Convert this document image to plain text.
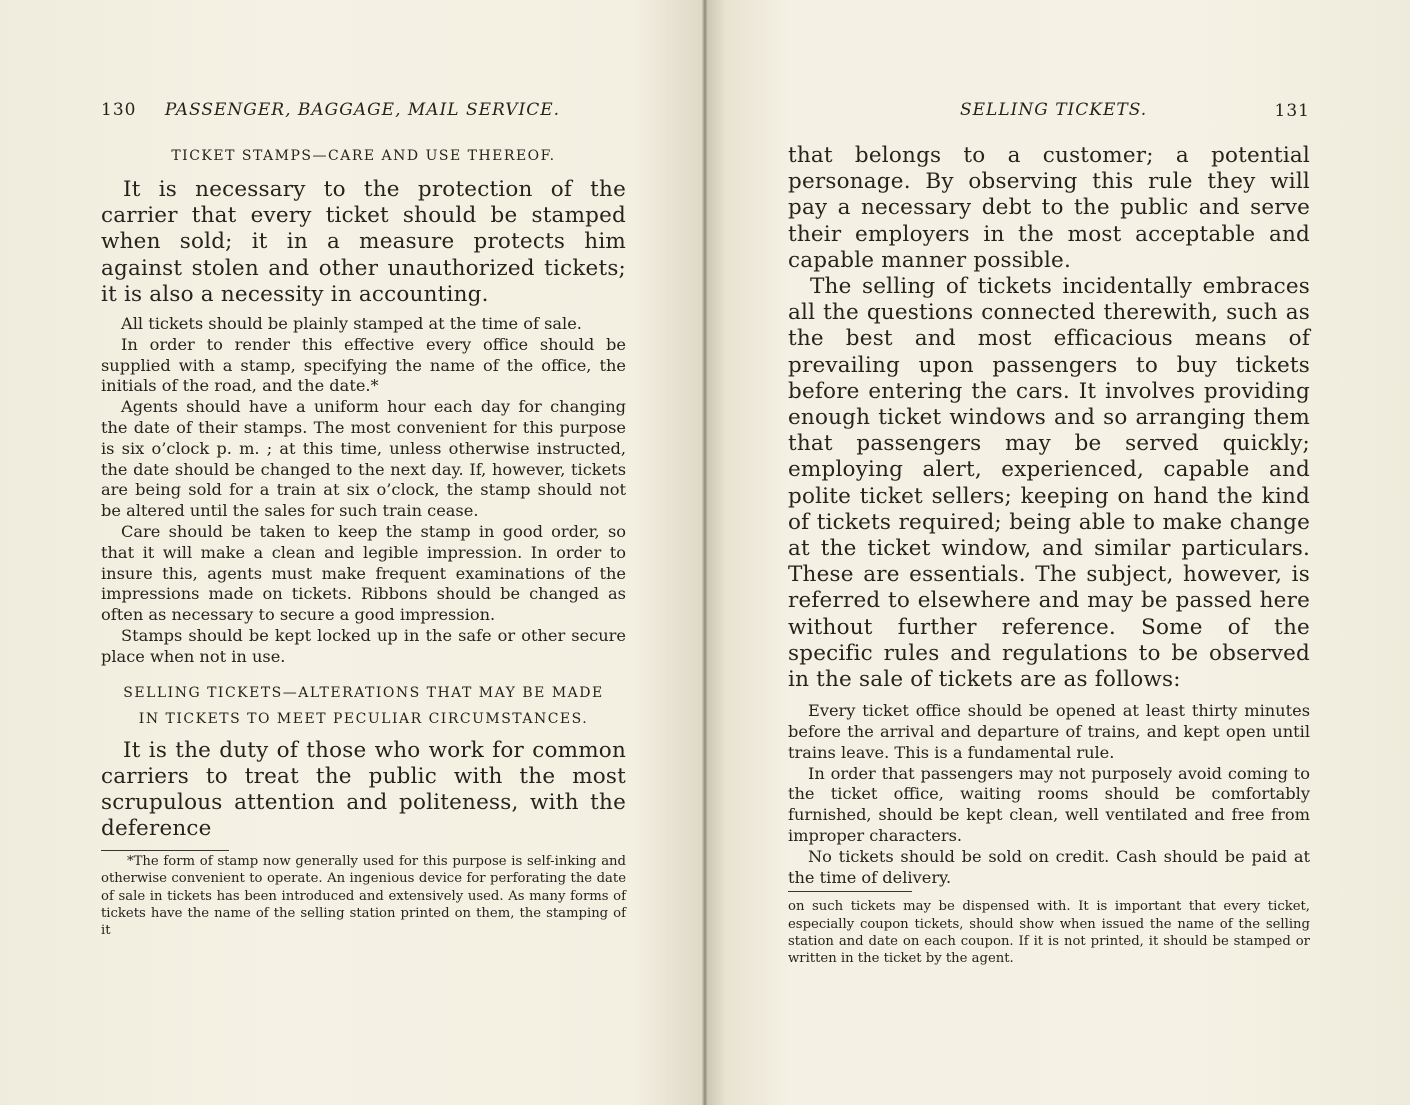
130 PASSENGER, BAGGAGE, MAIL SERVICE.

TICKET STAMPS—CARE AND USE THEREOF.

It is necessary to the protection of the carrier that every ticket should be stamped when sold; it in a measure protects him against stolen and other unauthorized tickets; it is also a necessity in accounting.

All tickets should be plainly stamped at the time of sale.

In order to render this effective every office should be supplied with a stamp, specifying the name of the office, the initials of the road, and the date.*

Agents should have a uniform hour each day for changing the date of their stamps. The most convenient for this purpose is six o’clock p. m. ; at this time, unless otherwise instructed, the date should be changed to the next day. If, however, tickets are being sold for a train at six o’clock, the stamp should not be altered until the sales for such train cease.

Care should be taken to keep the stamp in good order, so that it will make a clean and legible impression. In order to insure this, agents must make frequent examinations of the impressions made on tickets. Ribbons should be changed as often as necessary to secure a good impression.

Stamps should be kept locked up in the safe or other secure place when not in use.

SELLING TICKETS—ALTERATIONS THAT MAY BE MADE

IN TICKETS TO MEET PECULIAR CIRCUMSTANCES.

It is the duty of those who work for common carriers to treat the public with the most scrupulous attention and politeness, with the deference

*The form of stamp now generally used for this purpose is self-inking and otherwise convenient to operate. An ingenious device for perforating the date of sale in tickets has been introduced and extensively used. As many forms of tickets have the name of the selling station printed on them, the stamping of it

SELLING TICKETS.	131

that belongs to a customer; a potential personage. By observing this rule they will pay a necessary debt to the public and serve their employers in the most acceptable and capable manner possible.

The selling of tickets incidentally embraces all the questions connected therewith, such as the best and most efficacious means of prevailing upon passengers to buy tickets before entering the cars. It involves providing enough ticket windows and so arranging them that passengers may be served quickly; employing alert, experienced, capable and polite ticket sellers; keeping on hand the kind of tickets required; being able to make change at the ticket window, and similar particulars. These are essentials. The subject, however, is referred to elsewhere and may be passed here without further reference. Some of the specific rules and regulations to be observed in the sale of tickets are as follows:

Every ticket office should be opened at least thirty minutes before the arrival and departure of trains, and kept open until trains leave. This is a fundamental rule.

In order that passengers may not purposely avoid coming to the ticket office, waiting rooms should be comfortably furnished, should be kept clean, well ventilated and free from improper characters.

No tickets should be sold on credit. Cash should be paid at the time of delivery.

on such tickets may be dispensed with. It is important that every ticket, especially coupon tickets, should show when issued the name of the selling station and date on each coupon. If it is not printed, it should be stamped or written in the ticket by the agent.
